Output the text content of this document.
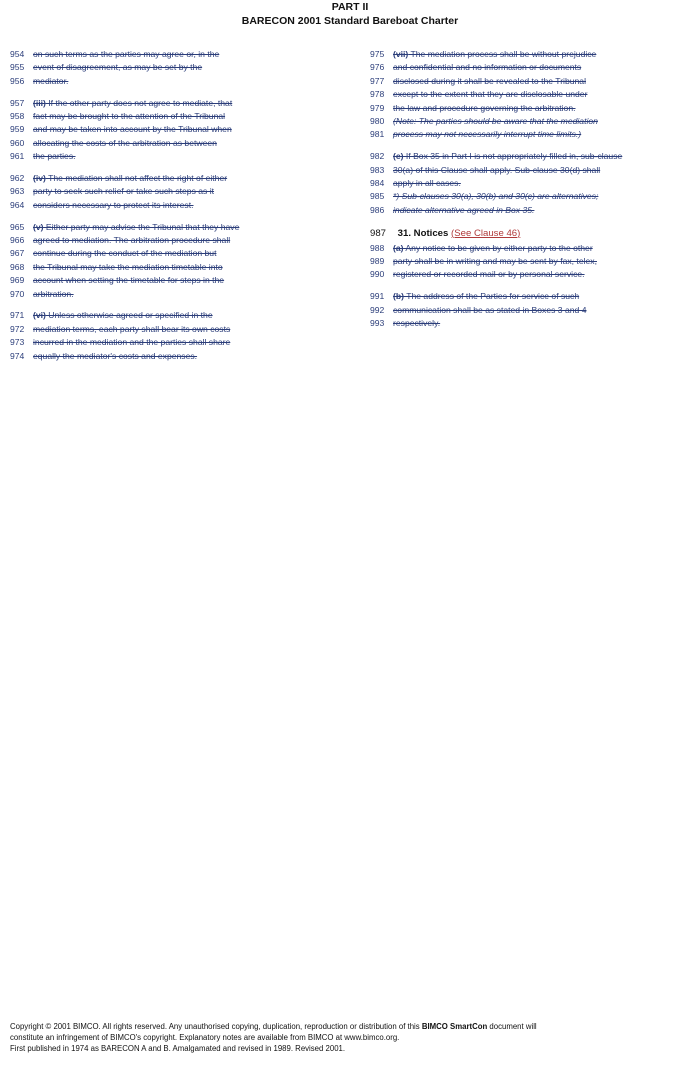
PART II
BARECON 2001 Standard Bareboat Charter
954 on such terms as the parties may agree or, in the
955 event of disagreement, as may be set by the
956 mediator.
957 (iii) If the other party does not agree to mediate, that
958 fact may be brought to the attention of the Tribunal
959 and may be taken into account by the Tribunal when
960 allocating the costs of the arbitration as between
961 the parties.
962 (iv) The mediation shall not affect the right of either
963 party to seek such relief or take such steps as it
964 considers necessary to protect its interest.
965 (v) Either party may advise the Tribunal that they have
966 agreed to mediation. The arbitration procedure shall
967 continue during the conduct of the mediation but
968 the Tribunal may take the mediation timetable into
969 account when setting the timetable for steps in the
970 arbitration.
971 (vi) Unless otherwise agreed or specified in the
972 mediation terms, each party shall bear its own costs
973 incurred in the mediation and the parties shall share
974 equally the mediator's costs and expenses.
975 (vii) The mediation process shall be without prejudice
976 and confidential and no information or documents
977 disclosed during it shall be revealed to the Tribunal
978 except to the extent that they are disclosable under
979 the law and procedure governing the arbitration.
980 (Note: The parties should be aware that the mediation
981 process may not necessarily interrupt time limits.)
982 (e) If Box 35 in Part I is not appropriately filled in, sub-clause
983 30(a) of this Clause shall apply. Sub-clause 30(d) shall
984 apply in all cases.
985 *) Sub-clauses 30(a), 30(b) and 30(c) are alternatives;
986 indicate alternative agreed in Box 35.
987 31. Notices (See Clause 46)
988 (a) Any notice to be given by either party to the other
989 party shall be in writing and may be sent by fax, telex,
990 registered or recorded mail or by personal service.
991 (b) The address of the Parties for service of such
992 communication shall be as stated in Boxes 3 and 4
993 respectively.
Copyright © 2001 BIMCO. All rights reserved. Any unauthorised copying, duplication, reproduction or distribution of this BIMCO SmartCon document will
constitute an infringement of BIMCO's copyright. Explanatory notes are available from BIMCO at www.bimco.org.
First published in 1974 as BARECON A and B. Amalgamated and revised in 1989. Revised 2001.
